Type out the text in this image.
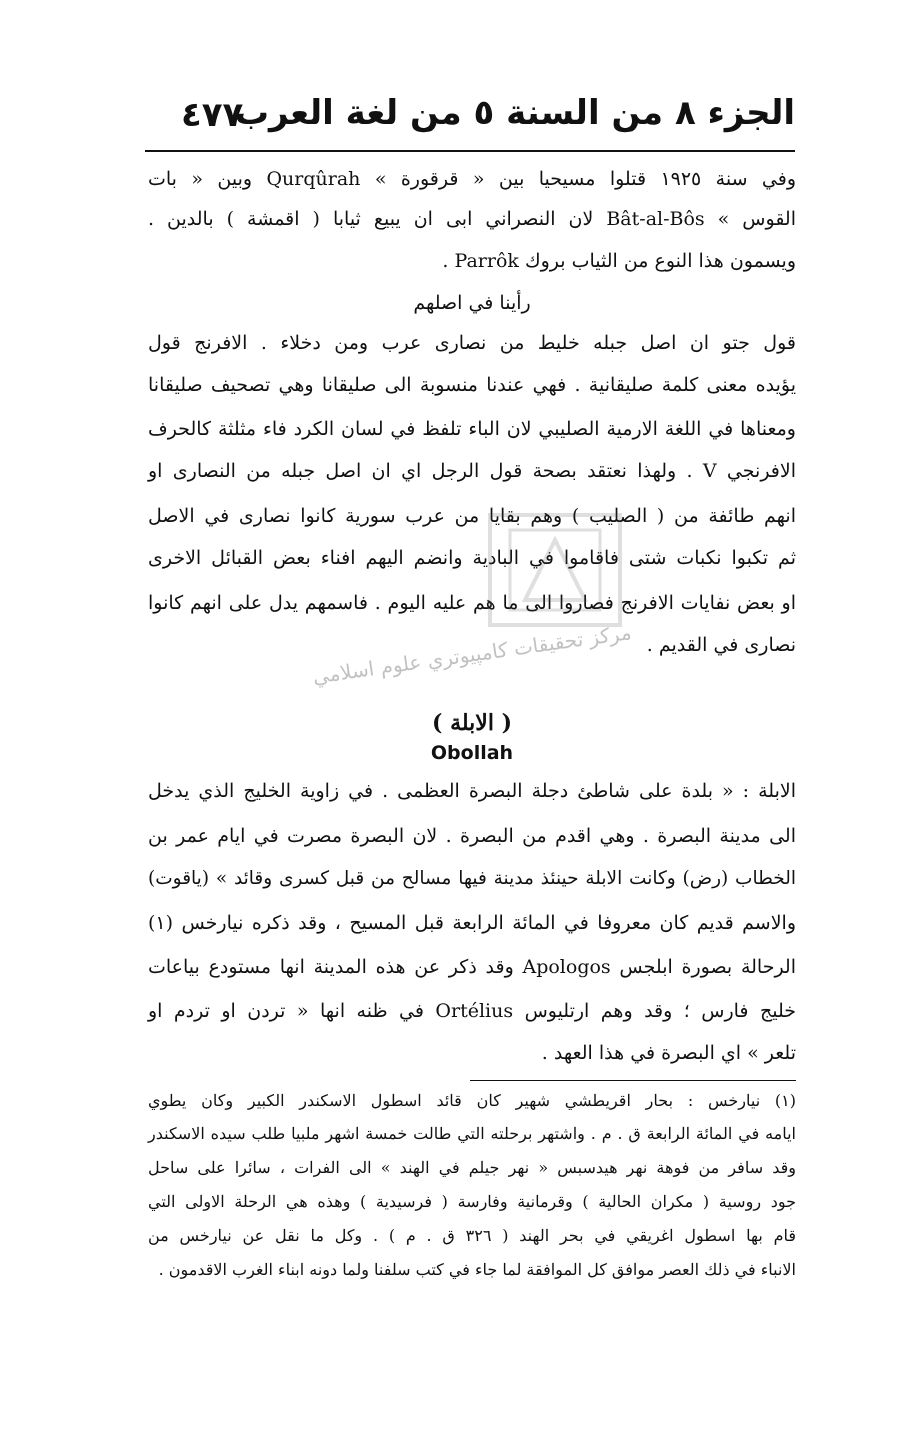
٤٧٧
الجزء ٨ من السنة ٥ من لغة العرب
وفي سنة ١٩٢٥ قتلوا مسيحيا بين « قرقورة » Qurqûrah وبين « بات
القوس » Bât-al-Bôs لان النصراني ابى ان يبيع ثيابا ( اقمشة ) بالدين .
ويسمون هذا النوع من الثياب بروك Parrôk .
رأينا في اصلهم
قول جتو ان اصل جبله خليط من نصارى عرب ومن دخلاء . الافرنج قول
يؤيده معنى كلمة صليقانية . فهي عندنا منسوبة الى صليقانا وهي تصحيف صليقانا
ومعناها في اللغة الارمية الصليبي لان الباء تلفظ في لسان الكرد فاء مثلثة كالحرف
الافرنجي V . ولهذا نعتقد بصحة قول الرجل اي ان اصل جبله من النصارى او
انهم طائفة من ( الصليب ) وهم بقايا من عرب سورية كانوا نصارى في الاصل
ثم تكبوا نكبات شتى فاقاموا في البادية وانضم اليهم افناء بعض القبائل الاخرى
او بعض نفايات الافرنج فصاروا الى ما هم عليه اليوم . فاسمهم يدل على انهم كانوا
نصارى في القديم .
مركز تحقيقات كامپيوتري علوم اسلامي
( الابلة )
Obollah
الابلة : « بلدة على شاطئ دجلة البصرة العظمى . في زاوية الخليج الذي يدخل
الى مدينة البصرة . وهي اقدم من البصرة . لان البصرة مصرت في ايام عمر بن
الخطاب (رض) وكانت الابلة حينئذ مدينة فيها مسالح من قبل كسرى وقائد » (ياقوت)
والاسم قديم كان معروفا في المائة الرابعة قبل المسيح ، وقد ذكره نيارخس (١)
الرحالة بصورة ابلجس Apologos وقد ذكر عن هذه المدينة انها مستودع بياعات
خليج فارس ؛ وقد وهم ارتليوس Ortélius في ظنه انها « تردن او تردم او
تلعر » اي البصرة في هذا العهد .
(١) نيارخس : بحار اقريطشي شهير كان قائد اسطول الاسكندر الكبير وكان يطوي
ايامه في المائة الرابعة ق . م . واشتهر برحلته التي طالت خمسة اشهر ملبيا طلب سيده الاسكندر
وقد سافر من فوهة نهر هيدسبس « نهر جيلم في الهند » الى الفرات ، سائرا على ساحل
جود روسية ( مكران الحالية ) وقرمانية وفارسة ( فرسيدية ) وهذه هي الرحلة الاولى التي
قام بها اسطول اغريقي في بحر الهند ( ٣٢٦ ق . م ) . وكل ما نقل عن نيارخس من
الانباء في ذلك العصر موافق كل الموافقة لما جاء في كتب سلفنا ولما دونه ابناء الغرب الاقدمون .
